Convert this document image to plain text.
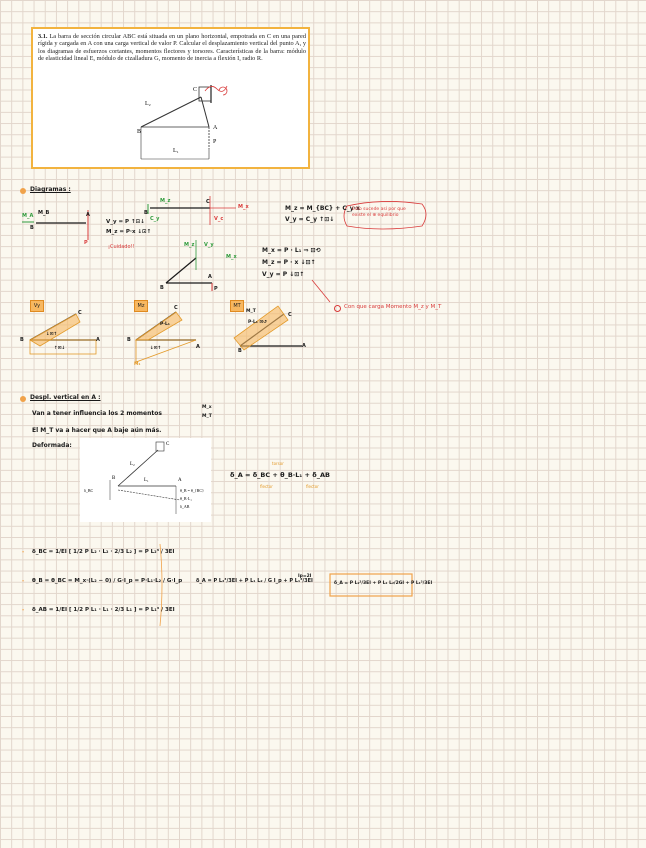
3.1. La barra de sección circular ABC está situada en un plano horizontal, empotrada en C en una pared rígida y cargada en A con una carga vertical de valor P. Calcular el desplazamiento vertical del punto A, y los diagramas de esfuerzos cortantes, momentos flectores y torsores. Características de la barra: módulo de elasticidad lineal E, módulo de cizalladura G, momento de inercia a flexión I, radio R.
L₂
L₁
B
A
C
P
Diagramas :
M_A M_B
B
A
P
V_y = P ↑⊡↓
M_z = P·x ↓⊡↑
¡Cuidado!!
B
C
M_z
M_x
V_c
C_y
M_z = M_{BC} + C_y·x
V_y = C_y ↑⊡↓
Esto sucede así por que existe el ⊕ equilibrio
B
A
P
M_x
M_z V_y
M_x = P · L₁ ⇒ ⊡⟲
M_z = P · x ↓⊡↑
V_y = P ↓⊡↑
Con que carga Momento M_z y M_T
Vy	Mz	MT
B	A
C
↓⊡↑
↑⊡↓
B
A
C
P·L₁
↓⊡↑
M₁
B
A
C
M_T
P·L₁ ⊡↺
Despl. vertical en A :
Van a tener influencia los 2 momentos
M_x
M_T
El M_T va a hacer que A baje aún más.
Deformada:	C
A
B	L₁
L₂
θ_B = θ_{BC}
θ_B·L₁
δ_AB
δ_BC
δ_A = δ_BC + θ_B·L₁ + δ_AB
flector
torsor
flector
•
•
•
δ_BC = 1/EI [ 1/2 P L₂ · L₂ · 2/3 L₂ ] = P L₂³ / 3EI
θ_B = θ_BC = M_x·(L₂ − 0) / G·I_p = P·L₁·L₂ / G·I_p
δ_AB = 1/EI [ 1/2 P L₁ · L₁ · 2/3 L₁ ] = P L₁³ / 3EI
δ_A = P L₂³/3EI + P L₁ L₂ / G I_p + P L₁³/3EI
Ip=2I
δ_A = P L₂³/3EI + P L₁ L₂/2GI + P L₁³/3EI
